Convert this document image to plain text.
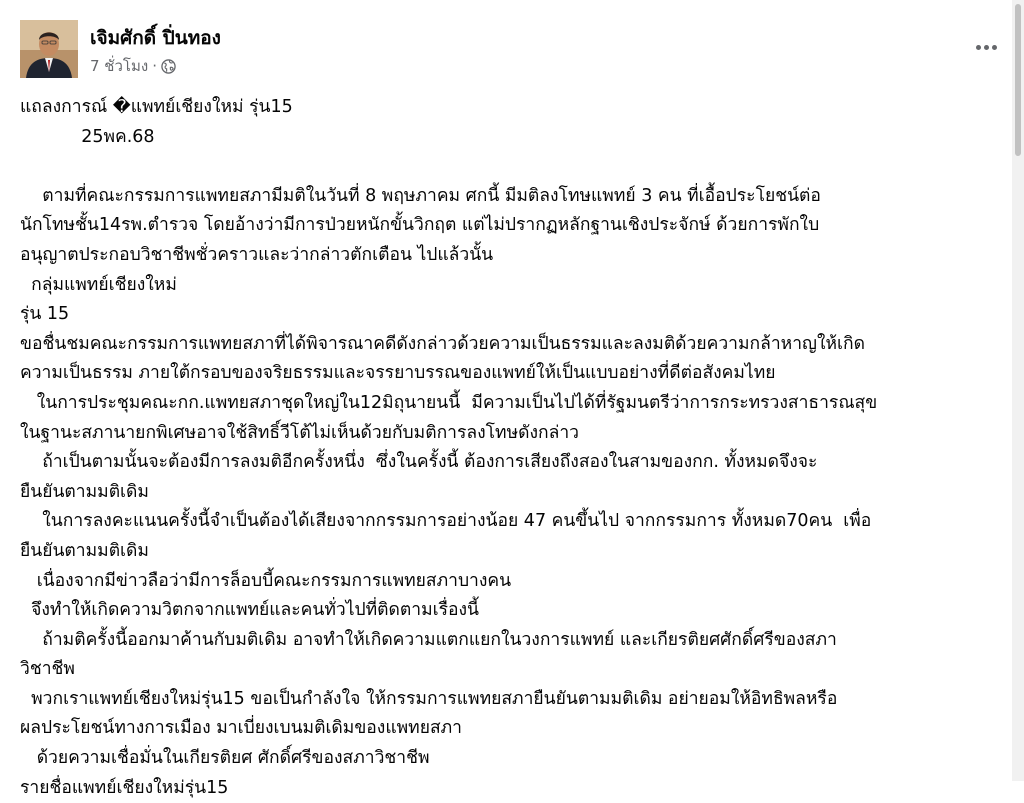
เจิมศักดิ์ ปิ่นทอง
7 ชั่วโมง ·
แถลงการณ์ �แพทย์เชียงใหม่ รุ่น15
25พค.68
ตามที่คณะกรรมการแพทยสภามีมติในวันที่ 8 พฤษภาคม ศกนี้ มีมติลงโทษแพทย์ 3 คน ที่เอื้อประโยชน์ต่อ
นักโทษชั้น14รพ.ตำรวจ โดยอ้างว่ามีการป่วยหนักขั้นวิกฤต แต่ไม่ปรากฏหลักฐานเชิงประจักษ์ ด้วยการพักใบ
อนุญาตประกอบวิชาชีพชั่วคราวและว่ากล่าวตักเตือน ไปแล้วนั้น
กลุ่มแพทย์เชียงใหม่
รุ่น 15
ขอชื่นชมคณะกรรมการแพทยสภาที่ได้พิจารณาคดีดังกล่าวด้วยความเป็นธรรมและลงมติด้วยความกล้าหาญให้เกิด
ความเป็นธรรม ภายใต้กรอบของจริยธรรมและจรรยาบรรณของแพทย์ให้เป็นแบบอย่างที่ดีต่อสังคมไทย
ในการประชุมคณะกก.แพทยสภาชุดใหญ่ใน12มิถุนายนนี้  มีความเป็นไปได้ที่รัฐมนตรีว่าการกระทรวงสาธารณสุข
ในฐานะสภานายกพิเศษอาจใช้สิทธิ์วีโต้ไม่เห็นด้วยกับมติการลงโทษดังกล่าว
ถ้าเป็นตามนั้นจะต้องมีการลงมติอีกครั้งหนึ่ง  ซึ่งในครั้งนี้ ต้องการเสียงถึงสองในสามของกก. ทั้งหมดจึงจะ
ยืนยันตามมติเดิม
ในการลงคะแนนครั้งนี้จำเป็นต้องได้เสียงจากกรรมการอย่างน้อย 47 คนขึ้นไป จากกรรมการ ทั้งหมด70คน  เพื่อ
ยืนยันตามมติเดิม
เนื่องจากมีข่าวลือว่ามีการล็อบบี้คณะกรรมการแพทยสภาบางคน
จึงทำให้เกิดความวิตกจากแพทย์และคนทั่วไปที่ติดตามเรื่องนี้
ถ้ามติครั้งนี้ออกมาค้านกับมติเดิม อาจทำให้เกิดความแตกแยกในวงการแพทย์ และเกียรติยศศักดิ์ศรีของสภา
วิชาชีพ
พวกเราแพทย์เชียงใหม่รุ่น15 ขอเป็นกำลังใจ ให้กรรมการแพทยสภายืนยันตามมติเดิม อย่ายอมให้อิทธิพลหรือ
ผลประโยชน์ทางการเมือง มาเบี่ยงเบนมติเดิมของแพทยสภา
ด้วยความเชื่อมั่นในเกียรติยศ ศักดิ์ศรีของสภาวิชาชีพ
รายชื่อแพทย์เชียงใหม่รุ่น15
